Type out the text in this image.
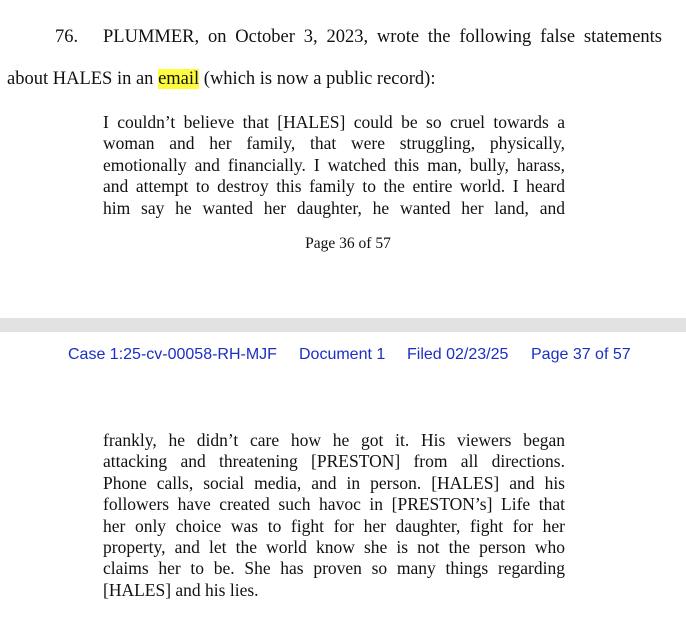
76. PLUMMER, on October 3, 2023, wrote the following false statements
about HALES in an email (which is now a public record):
I couldn’t believe that [HALES] could be so cruel towards a
woman and her family, that were struggling, physically,
emotionally and financially. I watched this man, bully, harass,
and attempt to destroy this family to the entire world. I heard
him say he wanted her daughter, he wanted her land, and
Page 36 of 57
Case 1:25-cv-00058-RH-MJF Document 1 Filed 02/23/25 Page 37 of 57
frankly, he didn’t care how he got it. His viewers began
attacking and threatening [PRESTON] from all directions.
Phone calls, social media, and in person. [HALES] and his
followers have created such havoc in [PRESTON’s] Life that
her only choice was to fight for her daughter, fight for her
property, and let the world know she is not the person who
claims her to be. She has proven so many things regarding
[HALES] and his lies.
